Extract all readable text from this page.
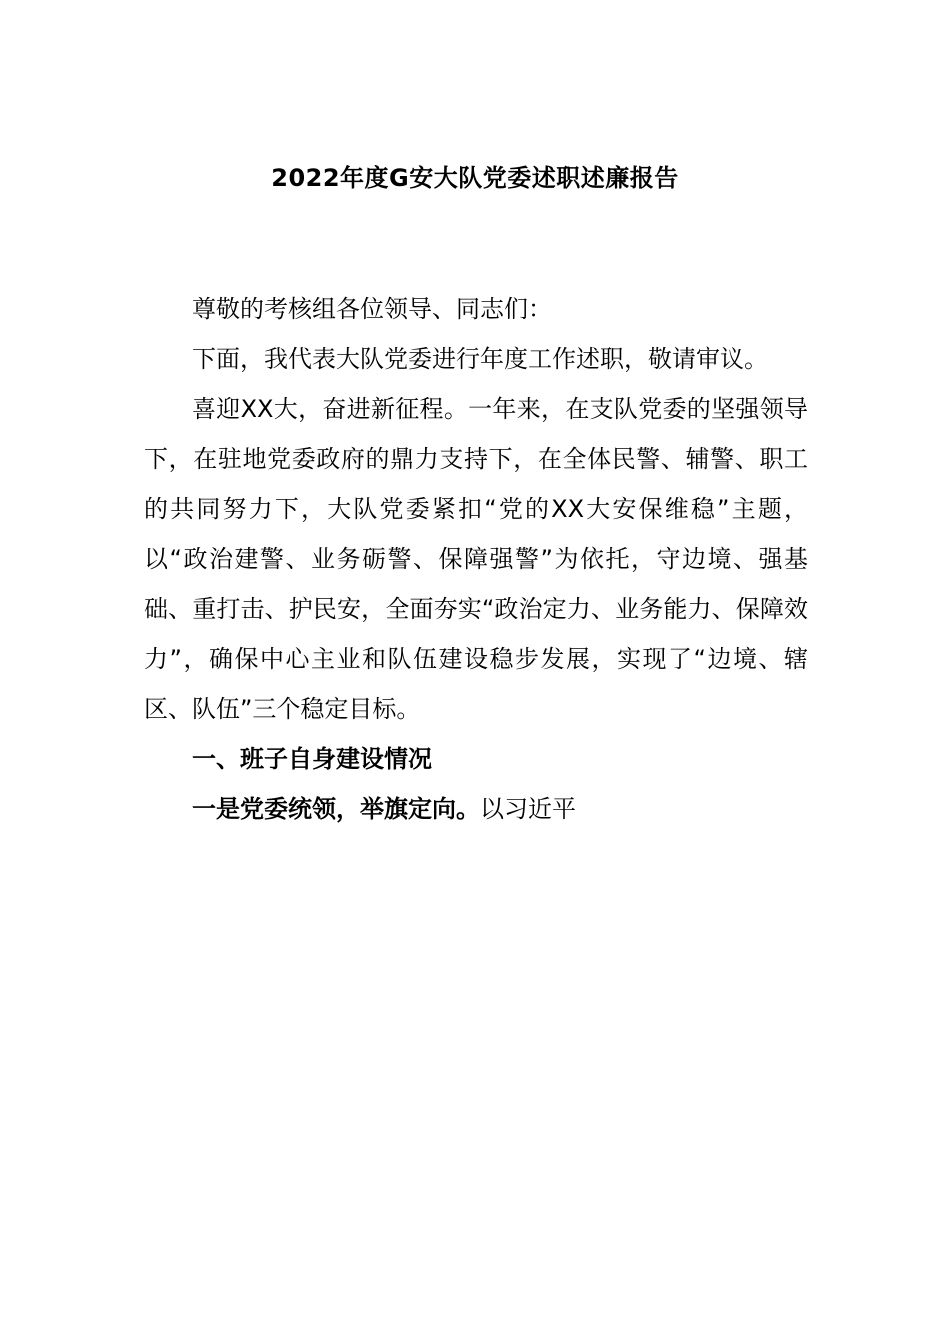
2022年度G安大队党委述职述廉报告

尊敬的考核组各位领导、同志们：

下面，我代表大队党委进行年度工作述职，敬请审议。

喜迎XX大，奋进新征程。一年来，在支队党委的坚强领导下，在驻地党委政府的鼎力支持下，在全体民警、辅警、职工的共同努力下，大队党委紧扣“党的XX大安保维稳”主题，以“政治建警、业务砺警、保障强警”为依托，守边境、强基础、重打击、护民安，全面夯实“政治定力、业务能力、保障效力”，确保中心主业和队伍建设稳步发展，实现了“边境、辖区、队伍”三个稳定目标。

一、班子自身建设情况

一是党委统领，举旗定向。以习近平
